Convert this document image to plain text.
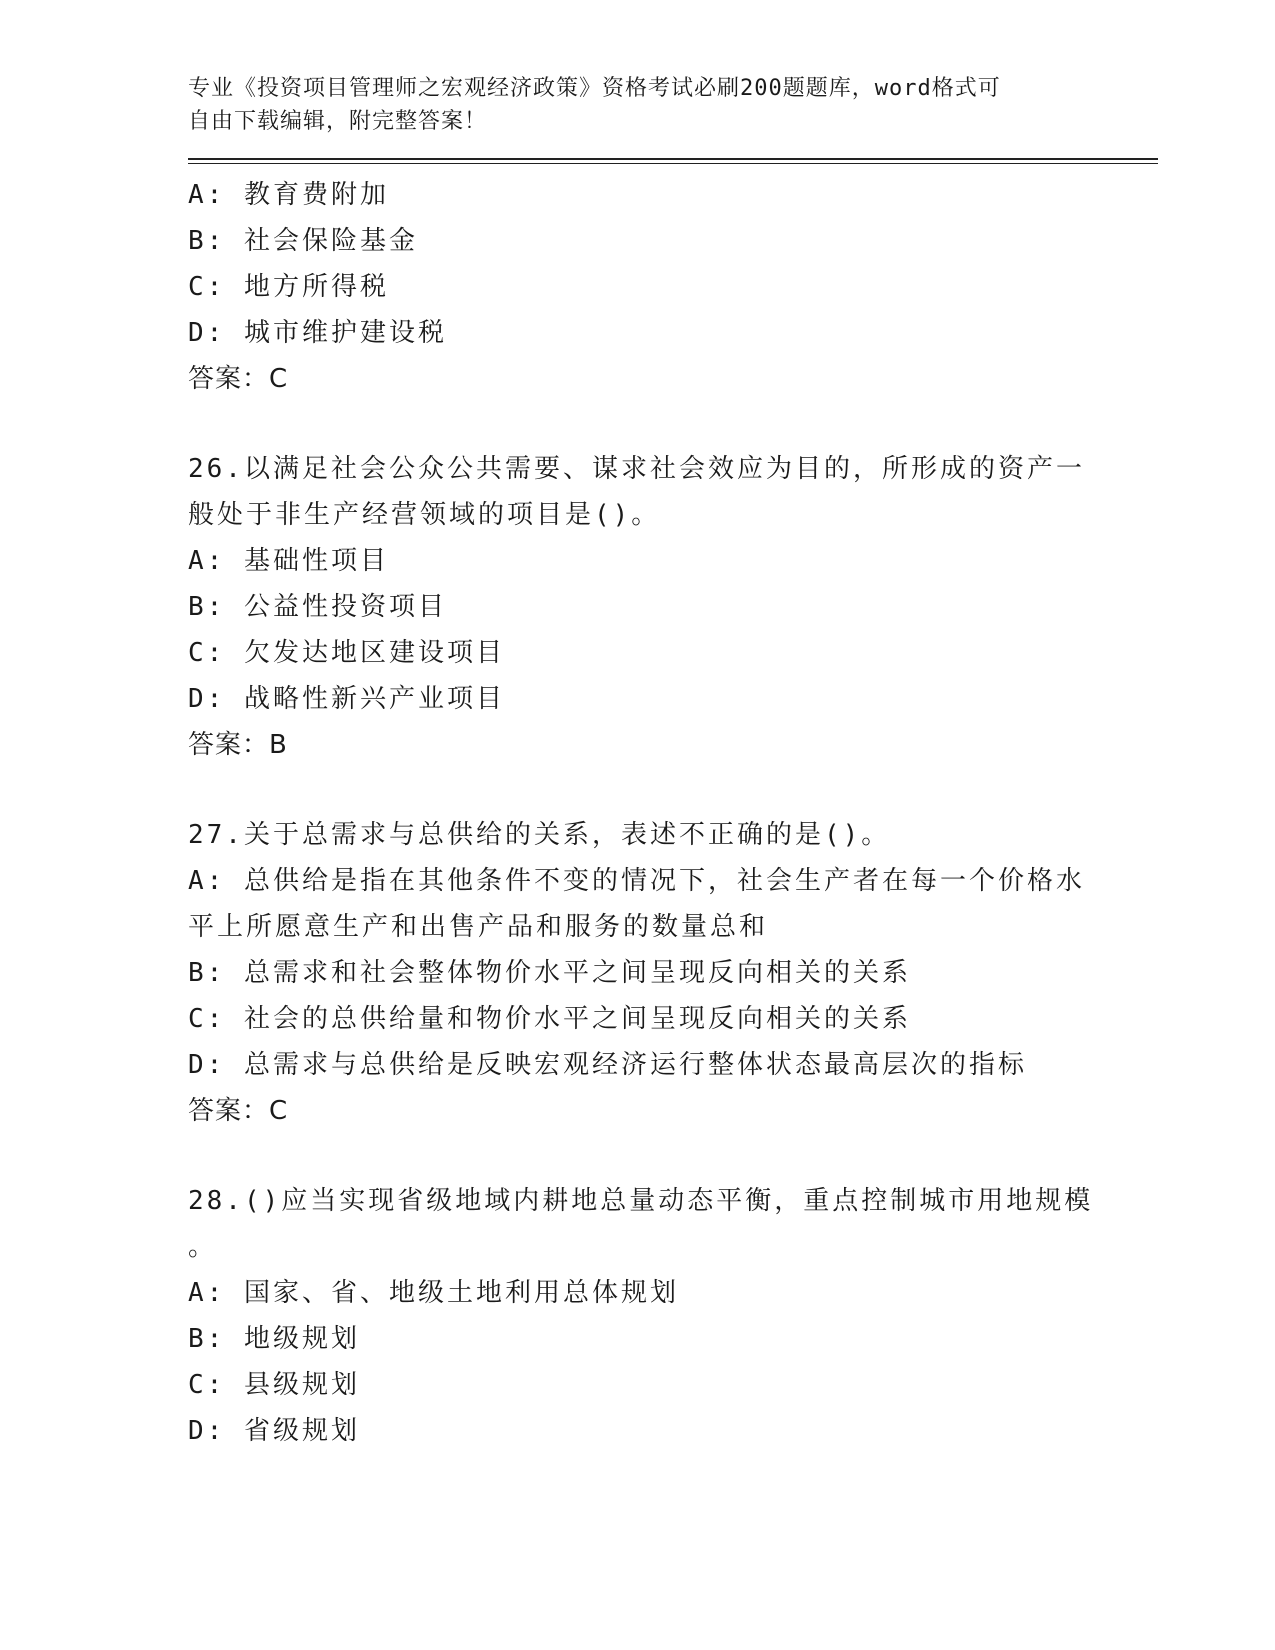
专业《投资项目管理师之宏观经济政策》资格考试必刷200题题库，word格式可
自由下载编辑，附完整答案！
A: 教育费附加
B: 社会保险基金
C: 地方所得税
D: 城市维护建设税
答案：C
26.以满足社会公众公共需要、谋求社会效应为目的，所形成的资产一
般处于非生产经营领域的项目是()。
A: 基础性项目
B: 公益性投资项目
C: 欠发达地区建设项目
D: 战略性新兴产业项目
答案：B
27.关于总需求与总供给的关系，表述不正确的是()。
A: 总供给是指在其他条件不变的情况下，社会生产者在每一个价格水
平上所愿意生产和出售产品和服务的数量总和
B: 总需求和社会整体物价水平之间呈现反向相关的关系
C: 社会的总供给量和物价水平之间呈现反向相关的关系
D: 总需求与总供给是反映宏观经济运行整体状态最高层次的指标
答案：C
28.()应当实现省级地域内耕地总量动态平衡，重点控制城市用地规模
。
A: 国家、省、地级土地利用总体规划
B: 地级规划
C: 县级规划
D: 省级规划
